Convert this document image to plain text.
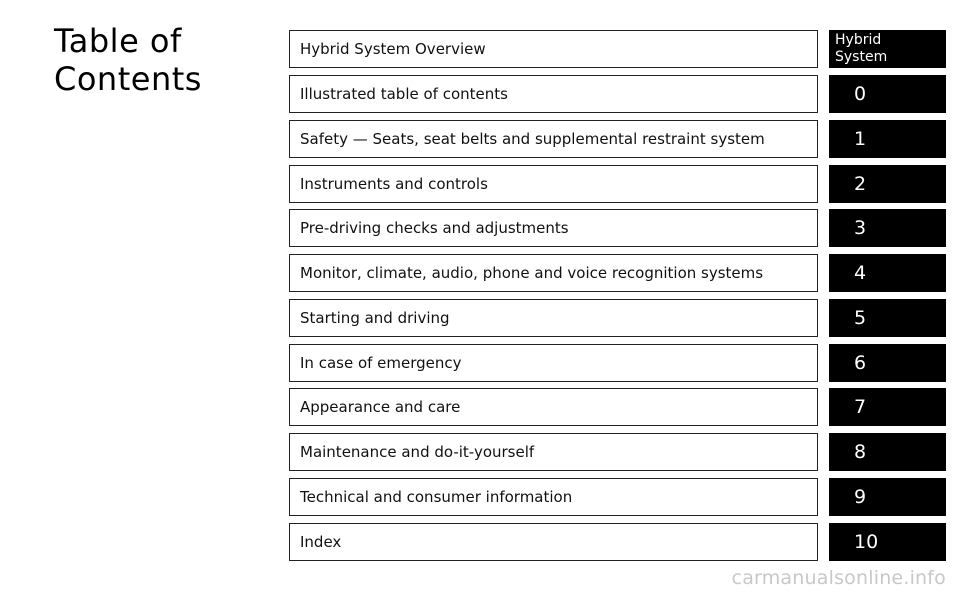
Table of
Contents
Hybrid System Overview	Hybrid
System
Illustrated table of contents	0
Safety — Seats, seat belts and supplemental restraint system	1
Instruments and controls	2
Pre-driving checks and adjustments	3
Monitor, climate, audio, phone and voice recognition systems	4
Starting and driving	5
In case of emergency	6
Appearance and care	7
Maintenance and do-it-yourself	8
Technical and consumer information	9
Index	10
carmanualsonline.info
